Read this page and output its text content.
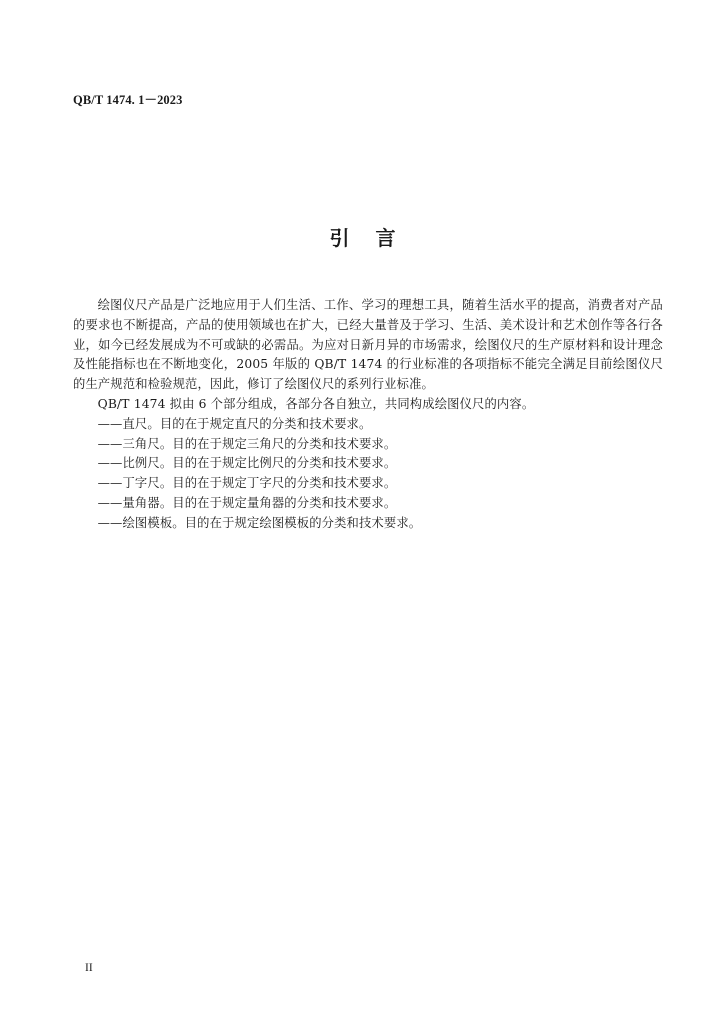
QB/T 1474. 1－2023
引言

绘图仪尺产品是广泛地应用于人们生活、工作、学习的理想工具，随着生活水平的提高，消费者对产品的要求也不断提高，产品的使用领域也在扩大，已经大量普及于学习、生活、美术设计和艺术创作等各行各业，如今已经发展成为不可或缺的必需品。为应对日新月异的市场需求，绘图仪尺的生产原材料和设计理念及性能指标也在不断地变化，2005 年版的 QB/T 1474 的行业标准的各项指标不能完全满足目前绘图仪尺的生产规范和检验规范，因此，修订了绘图仪尺的系列行业标准。

QB/T 1474 拟由 6 个部分组成，各部分各自独立，共同构成绘图仪尺的内容。

——直尺。目的在于规定直尺的分类和技术要求。
——三角尺。目的在于规定三角尺的分类和技术要求。
——比例尺。目的在于规定比例尺的分类和技术要求。
——丁字尺。目的在于规定丁字尺的分类和技术要求。
——量角器。目的在于规定量角器的分类和技术要求。
——绘图模板。目的在于规定绘图模板的分类和技术要求。
II
